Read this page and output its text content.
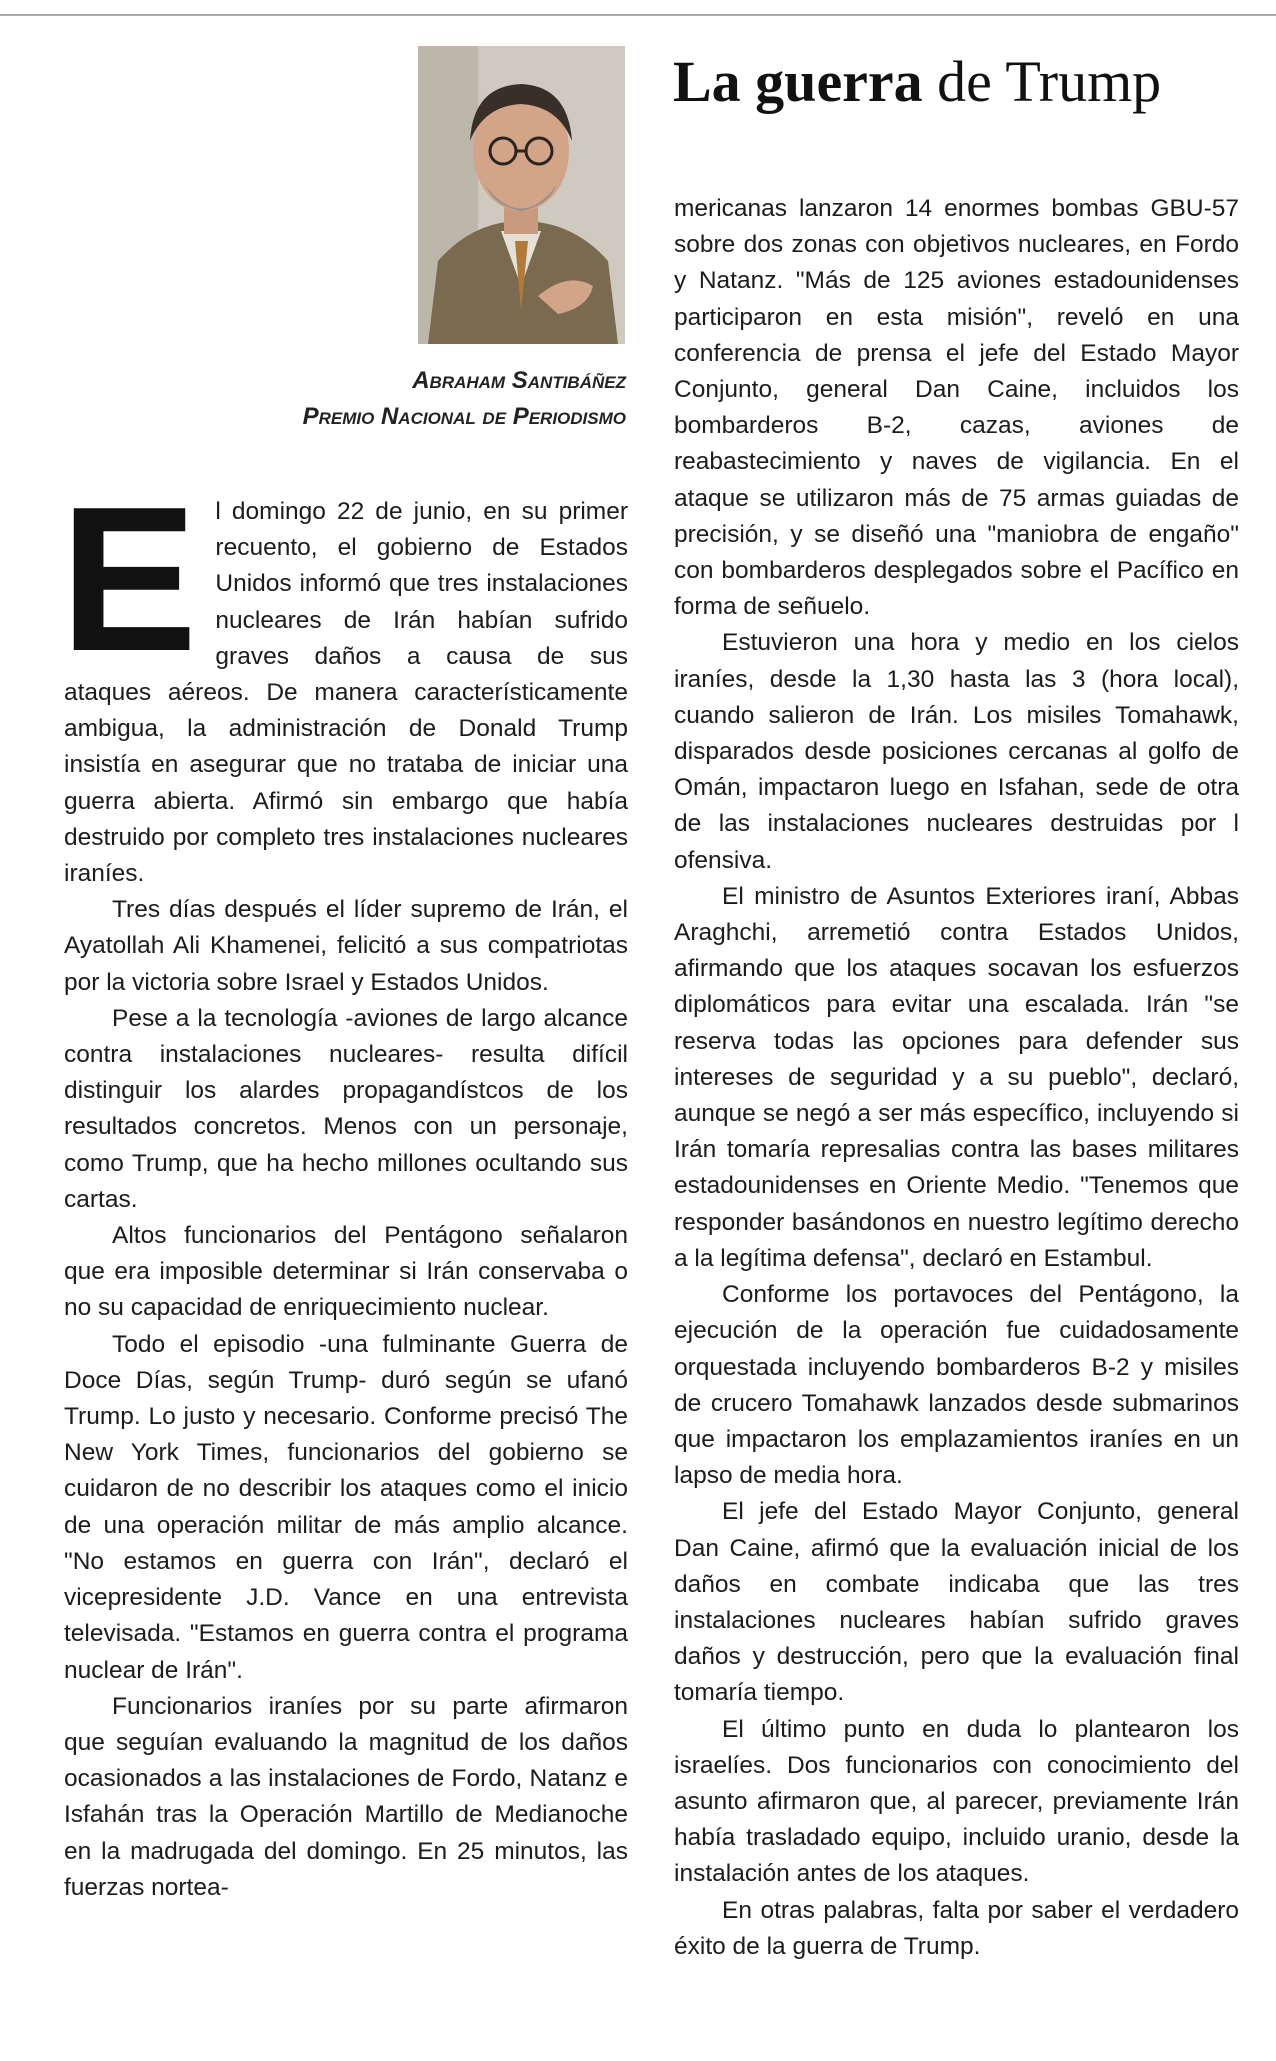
La guerra de Trump
Abraham Santibáñez
Premio Nacional de Periodismo
E l domingo 22 de junio, en su primer recuento, el gobierno de Estados Unidos informó que tres instalaciones nucleares de Irán habían sufrido graves daños a causa de sus ataques aéreos. De manera característicamente ambigua, la administración de Donald Trump insistía en asegurar que no trataba de iniciar una guerra abierta. Afirmó sin embargo que había destruido por completo tres instalaciones nucleares iraníes.

Tres días después el líder supremo de Irán, el Ayatollah Ali Khamenei, felicitó a sus compatriotas por la victoria sobre Israel y Estados Unidos.

Pese a la tecnología -aviones de largo alcance contra instalaciones nucleares- resulta difícil distinguir los alardes propagandístcos de los resultados concretos. Menos con un personaje, como Trump, que ha hecho millones ocultando sus cartas.

Altos funcionarios del Pentágono señalaron que era imposible determinar si Irán conservaba o no su capacidad de enriquecimiento nuclear.

Todo el episodio -una fulminante Guerra de Doce Días, según Trump- duró según se ufanó Trump. Lo justo y necesario. Conforme precisó The New York Times, funcionarios del gobierno se cuidaron de no describir los ataques como el inicio de una operación militar de más amplio alcance. "No estamos en guerra con Irán", declaró el vicepresidente J.D. Vance en una entrevista televisada. "Estamos en guerra contra el programa nuclear de Irán".

Funcionarios iraníes por su parte afirmaron que seguían evaluando la magnitud de los daños ocasionados a las instalaciones de Fordo, Natanz e Isfahán tras la Operación Martillo de Medianoche en la madrugada del domingo. En 25 minutos, las fuerzas nortea-

mericanas lanzaron 14 enormes bombas GBU-57 sobre dos zonas con objetivos nucleares, en Fordo y Natanz. "Más de 125 aviones estadounidenses participaron en esta misión", reveló en una conferencia de prensa el jefe del Estado Mayor Conjunto, general Dan Caine, incluidos los bombarderos B-2, cazas, aviones de reabastecimiento y naves de vigilancia. En el ataque se utilizaron más de 75 armas guiadas de precisión, y se diseñó una "maniobra de engaño" con bombarderos desplegados sobre el Pacífico en forma de señuelo.

Estuvieron una hora y medio en los cielos iraníes, desde la 1,30 hasta las 3 (hora local), cuando salieron de Irán. Los misiles Tomahawk, disparados desde posiciones cercanas al golfo de Omán, impactaron luego en Isfahan, sede de otra de las instalaciones nucleares destruidas por l ofensiva.

El ministro de Asuntos Exteriores iraní, Abbas Araghchi, arremetió contra Estados Unidos, afirmando que los ataques socavan los esfuerzos diplomáticos para evitar una escalada. Irán "se reserva todas las opciones para defender sus intereses de seguridad y a su pueblo", declaró, aunque se negó a ser más específico, incluyendo si Irán tomaría represalias contra las bases militares estadounidenses en Oriente Medio. "Tenemos que responder basándonos en nuestro legítimo derecho a la legítima defensa", declaró en Estambul.

Conforme los portavoces del Pentágono, la ejecución de la operación fue cuidadosamente orquestada incluyendo bombarderos B-2 y misiles de crucero Tomahawk lanzados desde submarinos que impactaron los emplazamientos iraníes en un lapso de media hora.

El jefe del Estado Mayor Conjunto, general Dan Caine, afirmó que la evaluación inicial de los daños en combate indicaba que las tres instalaciones nucleares habían sufrido graves daños y destrucción, pero que la evaluación final tomaría tiempo.

El último punto en duda lo plantearon los israelíes. Dos funcionarios con conocimiento del asunto afirmaron que, al parecer, previamente Irán había trasladado equipo, incluido uranio, desde la instalación antes de los ataques.

En otras palabras, falta por saber el verdadero éxito de la guerra de Trump.
